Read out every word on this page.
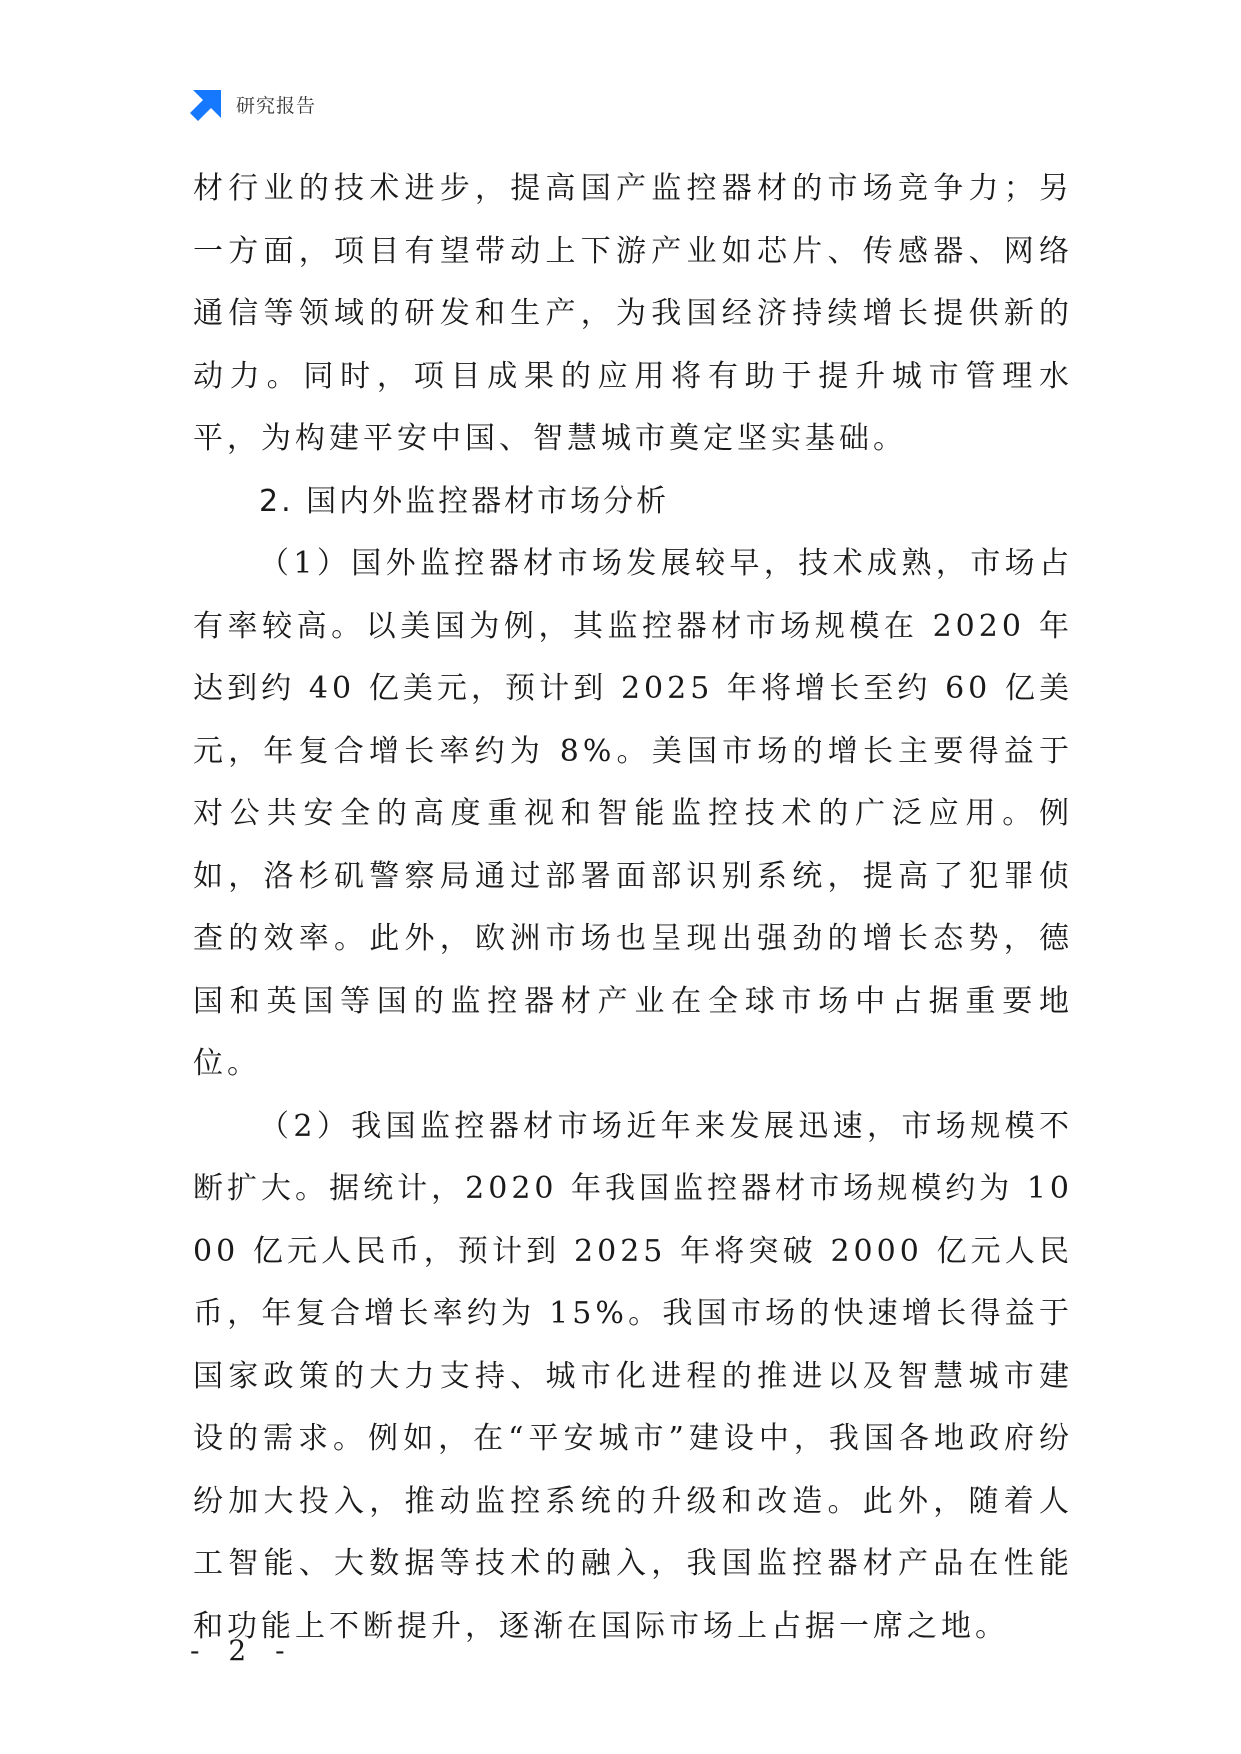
研究报告

材行业的技术进步，提高国产监控器材的市场竞争力；另一方面，项目有望带动上下游产业如芯片、传感器、网络通信等领域的研发和生产，为我国经济持续增长提供新的动力。同时，项目成果的应用将有助于提升城市管理水平，为构建平安中国、智慧城市奠定坚实基础。

2. 国内外监控器材市场分析

（1）国外监控器材市场发展较早，技术成熟，市场占有率较高。以美国为例，其监控器材市场规模在 2020 年达到约 40 亿美元，预计到 2025 年将增长至约 60 亿美元，年复合增长率约为 8%。美国市场的增长主要得益于对公共安全的高度重视和智能监控技术的广泛应用。例如，洛杉矶警察局通过部署面部识别系统，提高了犯罪侦查的效率。此外，欧洲市场也呈现出强劲的增长态势，德国和英国等国的监控器材产业在全球市场中占据重要地位。

（2）我国监控器材市场近年来发展迅速，市场规模不断扩大。据统计，2020 年我国监控器材市场规模约为 1000 亿元人民币，预计到 2025 年将突破 2000 亿元人民币，年复合增长率约为 15%。我国市场的快速增长得益于国家政策的大力支持、城市化进程的推进以及智慧城市建设的需求。例如，在“平安城市”建设中，我国各地政府纷纷加大投入，推动监控系统的升级和改造。此外，随着人工智能、大数据等技术的融入，我国监控器材产品在性能和功能上不断提升，逐渐在国际市场上占据一席之地。

- 2 -
